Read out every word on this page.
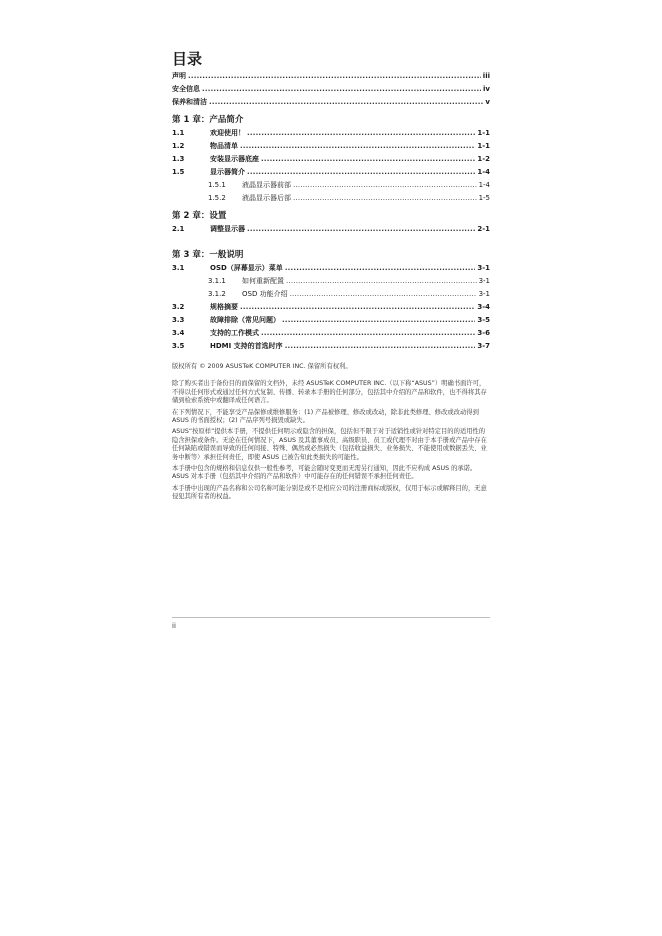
目录
声明 .....	iii
安全信息 .....	iv
保养和清洁 .....	v
第 1 章：产品简介
1.1	欢迎使用！ .....	1-1
1.2	物品清单 .....	1-1
1.3	安装显示器底座 .....	1-2
1.5	显示器简介 .....	1-4
1.5.1	液晶显示器前部 .....	1-4
1.5.2	液晶显示器后部 .....	1-5
第 2 章：设置
2.1	调整显示器 .....	2-1
第 3 章：一般说明
3.1	OSD（屏幕显示）菜单 .....	3-1
3.1.1	如何重新配置 .....	3-1
3.1.2	OSD 功能介绍 .....	3-1
3.2	规格摘要 .....	3-4
3.3	故障排除（常见问题） .....	3-5
3.4	支持的工作模式 .....	3-6
3.5	HDMI 支持的首选时序 .....	3-7

版权所有 © 2009 ASUSTeK COMPUTER INC. 保留所有权利。

除了购买者出于备份目的而保留的文档外，未经 ASUSTeK COMPUTER INC.（以下称“ASUS”）明确书面许可，不得以任何形式或通过任何方式复制、传播、转录本手册的任何部分，包括其中介绍的产品和软件，也不得将其存储到检索系统中或翻译成任何语言。

在下列情况下，不能享受产品保修或维修服务：(1) 产品被修理、修改或改动，除非此类修理、修改或改动得到 ASUS 的书面授权；(2) 产品序列号损毁或缺失。

ASUS“按原样”提供本手册，不提供任何明示或隐含的担保，包括但不限于对于适销性或针对特定目的的适用性的隐含担保或条件。无论在任何情况下，ASUS 及其董事成员、高级职员、员工或代理不对由于本手册或产品中存在任何缺陷或错误而导致的任何间接、特殊、偶然或必然损失（包括收益损失、业务损失、不能使用或数据丢失、业务中断等）承担任何责任，即使 ASUS 已被告知此类损失的可能性。

本手册中包含的规格和信息仅供一般性参考，可能会随时变更而无需另行通知，因此不应构成 ASUS 的承诺。ASUS 对本手册（包括其中介绍的产品和软件）中可能存在的任何错误不承担任何责任。

本手册中出现的产品名称和公司名称可能分别是或不是相应公司的注册商标或版权，仅用于标示或解释目的，无意侵犯其所有者的权益。

ii
